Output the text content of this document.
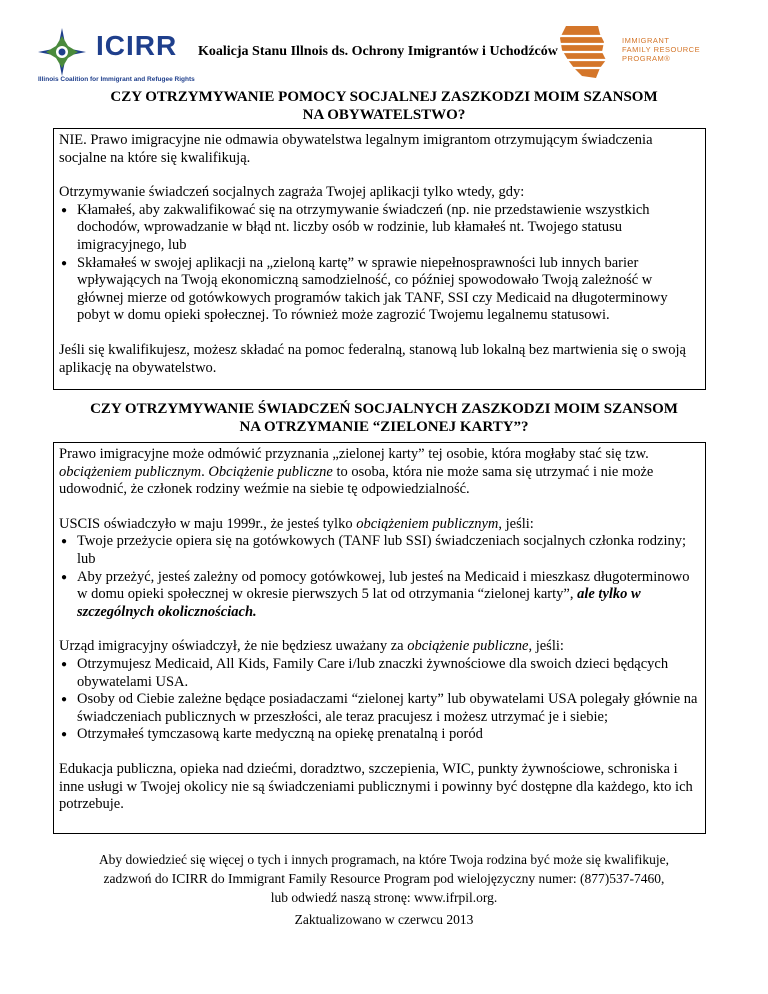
ICIRR
Illinois Coalition for Immigrant and Refugee Rights
Koalicja Stanu Illnois ds. Ochrony Imigrantów i Uchodźców
IMMIGRANT
FAMILY RESOURCE
PROGRAM®
CZY OTRZYMYWANIE POMOCY SOCJALNEJ ZASZKODZI MOIM SZANSOM
NA OBYWATELSTWO?

NIE. Prawo imigracyjne nie odmawia obywatelstwa legalnym imigrantom otrzymującym świadczenia socjalne na które się kwalifikują.

Otrzymywanie świadczeń socjalnych zagraża Twojej aplikacji tylko wtedy, gdy:

● Kłamałeś, aby zakwalifikować się na otrzymywanie świadczeń (np. nie przedstawienie wszystkich dochodów, wprowadzanie w błąd nt. liczby osób w rodzinie, lub kłamałeś nt. Twojego statusu imigracyjnego, lub
● Skłamałeś w swojej aplikacji na „zieloną kartę” w sprawie niepełnosprawności lub innych barier wpływających na Twoją ekonomiczną samodzielność, co później spowodowało Twoją zależność w głównej mierze od gotówkowych programów takich jak TANF, SSI czy Medicaid na długoterminowy pobyt w domu opieki społecznej. To również może zagrozić Twojemu legalnemu statusowi.

Jeśli się kwalifikujesz, możesz składać na pomoc federalną, stanową lub lokalną bez martwienia się o swoją aplikację na obywatelstwo.

CZY OTRZYMYWANIE ŚWIADCZEŃ SOCJALNYCH ZASZKODZI MOIM SZANSOM
NA OTRZYMANIE “ZIELONEJ KARTY”?

Prawo imigracyjne może odmówić przyznania „zielonej karty” tej osobie, która mogłaby stać się tzw. obciążeniem publicznym. Obciążenie publiczne to osoba, która nie może sama się utrzymać i nie może udowodnić, że członek rodziny weźmie na siebie tę odpowiedzialność.

USCIS oświadczyło w maju 1999r., że jesteś tylko obciążeniem publicznym, jeśli:

● Twoje przeżycie opiera się na gotówkowych (TANF lub SSI) świadczeniach socjalnych członka rodziny; lub
● Aby przeżyć, jesteś zależny od pomocy gotówkowej, lub jesteś na Medicaid i mieszkasz długoterminowo w domu opieki społecznej w okresie pierwszych 5 lat od otrzymania “zielonej karty”, ale tylko w szczególnych okolicznościach.

Urząd imigracyjny oświadczył, że nie będziesz uważany za obciążenie publiczne, jeśli:

● Otrzymujesz Medicaid, All Kids, Family Care i/lub znaczki żywnościowe dla swoich dzieci będących obywatelami USA.
● Osoby od Ciebie zależne będące posiadaczami “zielonej karty” lub obywatelami USA polegały głównie na świadczeniach publicznych w przeszłości, ale teraz pracujesz i możesz utrzymać je i siebie;
● Otrzymałeś tymczasową karte medyczną na opiekę prenatalną i poród

Edukacja publiczna, opieka nad dziećmi, doradztwo, szczepienia, WIC, punkty żywnościowe, schroniska i inne usługi w Twojej okolicy nie są świadczeniami publicznymi i powinny być dostępne dla każdego, kto ich potrzebuje.

Aby dowiedzieć się więcej o tych i innych programach, na które Twoja rodzina być może się kwalifikuje,
zadzwoń do ICIRR do Immigrant Family Resource Program pod wielojęzyczny numer: (877)537-7460,
lub odwiedź naszą stronę: www.ifrpil.org.
Zaktualizowano w czerwcu 2013
